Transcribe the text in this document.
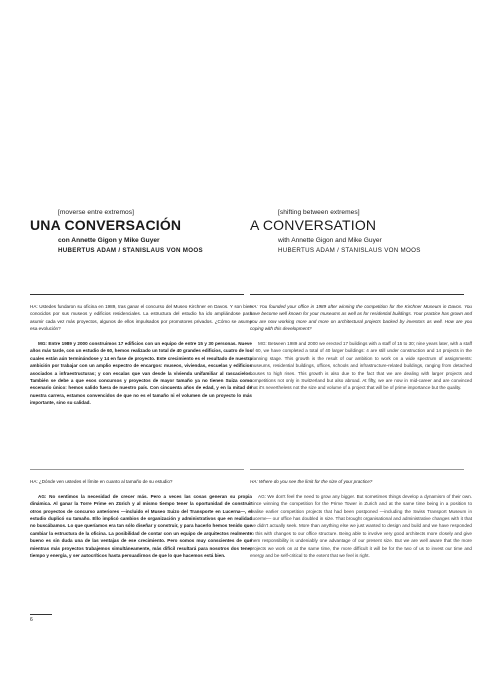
[moverse entre extremos]

UNA CONVERSACIÓN

con Annette Gigon y Mike Guyer

HUBERTUS ADAM / STANISLAUS VON MOOS

[shifting between extremes]

A CONVERSATION

with Annette Gigon and Mike Guyer

HUBERTUS ADAM / STANISLAUS VON MOOS

HA: Ustedes fundaron su oficina en 1989, tras ganar el concurso del Museo Kirchner en Davos. Y son bien conocidos por sus museos y edificios residenciales. La estructura del estudio ha ido ampliándose para asumir cada vez más proyectos, algunos de ellos impulsados por promotores privados. ¿Cómo se asume esa evolución?

MG: Entre 1989 y 2000 construimos 17 edificios con un equipo de entre 15 y 30 personas. Nueve años más tarde, con un estudio de 60, hemos realizado un total de 40 grandes edificios, cuatro de los cuales están aún terminándose y 14 en fase de proyecto. Este crecimiento es el resultado de nuestra ambición por trabajar con un amplio espectro de encargos: museos, viviendas, escuelas y edificios asociados a infraestructuras; y con escalas que van desde la vivienda unifamiliar al rascacielos. También se debe a que esos concursos y proyectos de mayor tamaño ya no tienen Suiza como escenario único: hemos salido fuera de nuestro país. Con cincuenta años de edad, y en la mitad de nuestra carrera, estamos convencidos de que no es el tamaño ni el volumen de un proyecto lo más importante, sino su calidad.

HA: You founded your office in 1989 after winning the competition for the Kirchner Museum in Davos. You have become well known for your museums as well as for residential buildings. Your practice has grown and you are now working more and more on architectural projects backed by investors as well. How are you coping with this development?

MG: Between 1989 and 2000 we erected 17 buildings with a staff of 15 to 30; nine years later, with a staff of 60, we have completed a total of 40 larger buildings: 4 are still under construction and 14 projects in the planning stage. This growth is the result of our ambition to work on a wide spectrum of assignments: museums, residential buildings, offices, schools and infrastructure-related buildings, ranging from detached houses to high rises. This growth is also due to the fact that we are dealing with larger projects and competitions not only in Switzerland but also abroad. At fifty, we are now in mid-career and are convinced that it's nevertheless not the size and volume of a project that will be of prime importance but the quality.

HA: ¿Dónde ven ustedes el límite en cuanto al tamaño de su estudio?

AG: No sentimos la necesidad de crecer más. Pero a veces las cosas generan su propia dinámica. Al ganar la Torre Prime en Zürich y al mismo tiempo tener la oportunidad de construir otros proyectos de concurso anteriores —incluido el Museo Suizo del Transporte en Lucerna—, el estudio duplicó su tamaño. Ello implicó cambios de organización y administrativos que en realidad no buscábamos. Lo que queríamos era tan sólo diseñar y construir, y para hacerlo hemos tenido que cambiar la estructura de la oficina. La posibilidad de contar con un equipo de arquitectos realmente bueno es sin duda una de las ventajas de ese crecimiento. Pero somos muy conscientes de que mientras más proyectos trabajemos simultáneamente, más difícil resultará para nosotros dos tener tiempo y energía, y ser autocríticos hasta persuadirnos de que lo que hacemos está bien.

HA: Where do you see the limit for the size of your practice?

AG: We don't feel the need to grow any bigger. But sometimes things develop a dynamism of their own. Since winning the competition for the Prime Tower in Zurich and at the same time being in a position to realise earlier competition projects that had been postponed —including the Swiss Transport Museum in Lucerne— our office has doubled in size. That brought organisational and administrative changes with it that we didn't actually seek. More than anything else we just wanted to design and build and we have responded to this with changes to our office structure. Being able to involve very good architects more closely and give them responsibility is undeniably one advantage of our present size. But we are well aware that the more projects we work on at the same time, the more difficult it will be for the two of us to invest our time and energy and be self-critical to the extent that we feel is right.

6
